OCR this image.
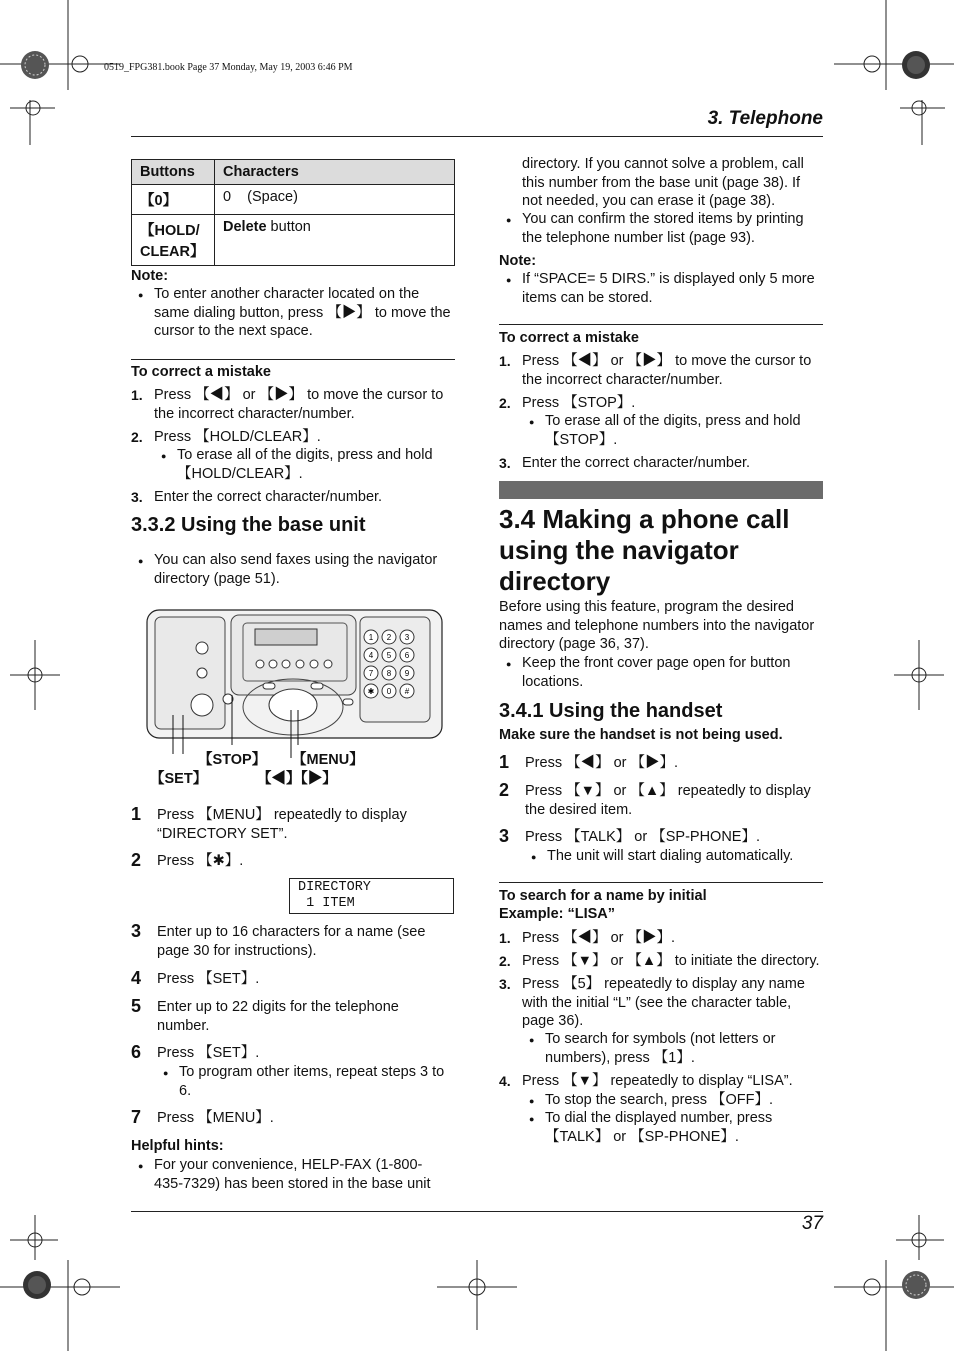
0519_FPG381.book Page 37 Monday, May 19, 2003 6:46 PM
3. Telephone
Buttons	Characters
【0】	0    (Space)
【HOLD/ CLEAR】	Delete button
Note:
● To enter another character located on the same dialing button, press 【▶】 to move the cursor to the next space.
To correct a mistake
1. Press 【◀】 or 【▶】 to move the cursor to the incorrect character/number.
2. Press 【HOLD/CLEAR】.
● To erase all of the digits, press and hold 【HOLD/CLEAR】.
3. Enter the correct character/number.
3.3.2 Using the base unit
● You can also send faxes using the navigator directory (page 51).
1 2 3
4 5 6
7 8 9
✱ 0 #
【STOP】 【MENU】
【SET】	【◀】【▶】
1 Press 【MENU】 repeatedly to display “DIRECTORY SET”.
2 Press 【✱】.
DIRECTORY
1 ITEM
3 Enter up to 16 characters for a name (see page 30 for instructions).
4 Press 【SET】.
5 Enter up to 22 digits for the telephone number.
6 Press 【SET】.
● To program other items, repeat steps 3 to 6.
7 Press 【MENU】.
Helpful hints:
● For your convenience, HELP-FAX (1-800-435-7329) has been stored in the base unit
directory. If you cannot solve a problem, call this number from the base unit (page 38). If not needed, you can erase it (page 38).
● You can confirm the stored items by printing the telephone number list (page 93).
Note:
● If “SPACE= 5 DIRS.” is displayed only 5 more items can be stored.
To correct a mistake
1. Press 【◀】 or 【▶】 to move the cursor to the incorrect character/number.
2. Press 【STOP】.
● To erase all of the digits, press and hold 【STOP】.
3. Enter the correct character/number.
3.4 Making a phone call
using the navigator
directory
Before using this feature, program the desired names and telephone numbers into the navigator directory (page 36, 37).
● Keep the front cover page open for button locations.
3.4.1 Using the handset
Make sure the handset is not being used.
1 Press 【◀】 or 【▶】.
2 Press 【▼】 or 【▲】 repeatedly to display the desired item.
3 Press 【TALK】 or 【SP-PHONE】.
● The unit will start dialing automatically.
To search for a name by initial
Example: “LISA”
1. Press 【◀】 or 【▶】.
2. Press 【▼】 or 【▲】 to initiate the directory.
3. Press 【5】 repeatedly to display any name with the initial “L” (see the character table, page 36).
● To search for symbols (not letters or numbers), press 【1】.
4. Press 【▼】 repeatedly to display “LISA”.
● To stop the search, press 【OFF】.
● To dial the displayed number, press 【TALK】 or 【SP-PHONE】.
37
